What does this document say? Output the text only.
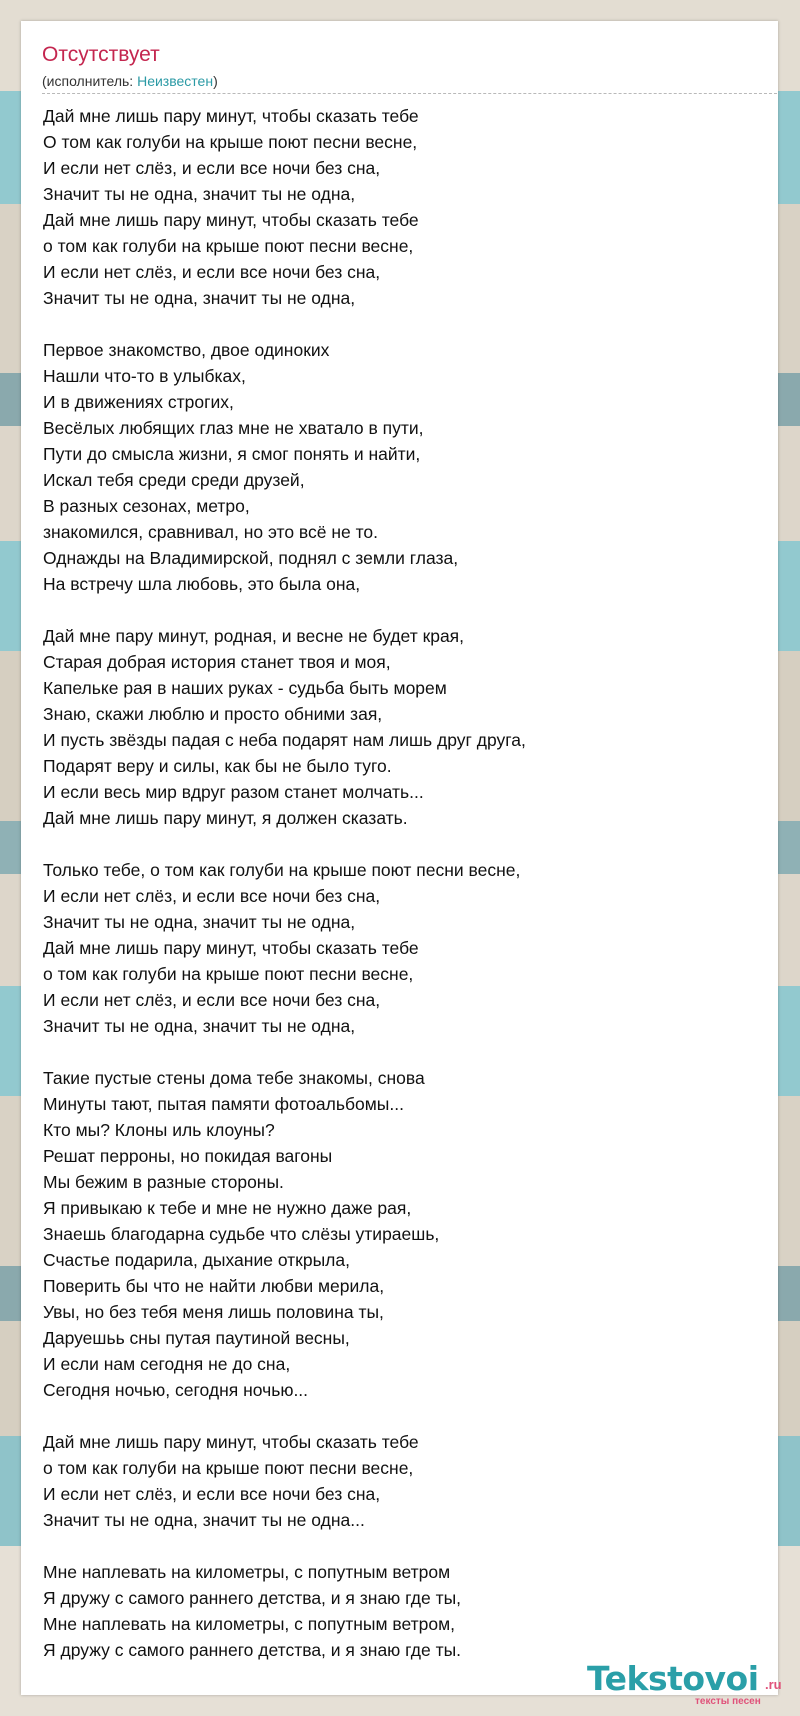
Отсутствует
(исполнитель: Неизвестен)
Дай мне лишь пару минут, чтобы сказать тебе
О том как голуби на крыше поют песни весне,
И если нет слёз, и если все ночи без сна,
Значит ты не одна, значит ты не одна,
Дай мне лишь пару минут, чтобы сказать тебе
о том как голуби на крыше поют песни весне,
И если нет слёз, и если все ночи без сна,
Значит ты не одна, значит ты не одна,
Первое знакомство, двое одиноких
Нашли что-то в улыбках,
И в движениях строгих,
Весёлых любящих глаз мне не хватало в пути,
Пути до смысла жизни, я смог понять и найти,
Искал тебя среди среди друзей,
В разных сезонах, метро,
знакомился, сравнивал, но это всё не то.
Однажды на Владимирской, поднял с земли глаза,
На встречу шла любовь, это была она,
Дай мне пару минут, родная, и весне не будет края,
Старая добрая история станет твоя и моя,
Капельке рая в наших руках - судьба быть морем
Знаю, скажи люблю и просто обними зая,
И пусть звёзды падая с неба подарят нам лишь друг друга,
Подарят веру и силы, как бы не было туго.
И если весь мир вдруг разом станет молчать...
Дай мне лишь пару минут, я должен сказать.
Только тебе, о том как голуби на крыше поют песни весне,
И если нет слёз, и если все ночи без сна,
Значит ты не одна, значит ты не одна,
Дай мне лишь пару минут, чтобы сказать тебе
о том как голуби на крыше поют песни весне,
И если нет слёз, и если все ночи без сна,
Значит ты не одна, значит ты не одна,
Такие пустые стены дома тебе знакомы, снова
Минуты тают, пытая памяти фотоальбомы...
Кто мы? Клоны иль клоуны?
Решат перроны, но покидая вагоны
Мы бежим в разные стороны.
Я привыкаю к тебе и мне не нужно даже рая,
Знаешь благодарна судьбе что слёзы утираешь,
Счастье подарила, дыхание открыла,
Поверить бы что не найти любви мерила,
Увы, но без тебя меня лишь половина ты,
Даруешьь сны путая паутиной весны,
И если нам сегодня не до сна,
Сегодня ночью, сегодня ночью...
Дай мне лишь пару минут, чтобы сказать тебе
о том как голуби на крыше поют песни весне,
И если нет слёз, и если все ночи без сна,
Значит ты не одна, значит ты не одна...
Мне наплевать на километры, с попутным ветром
Я дружу с самого раннего детства, и я знаю где ты,
Мне наплевать на километры, с попутным ветром,
Я дружу с самого раннего детства, и я знаю где ты.
Tekstovoi .ru
тексты песен
